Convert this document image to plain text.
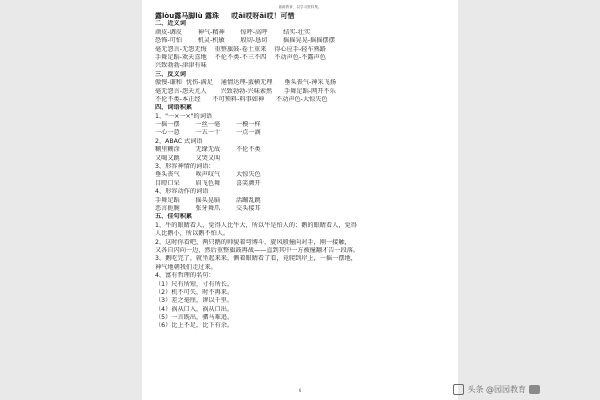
最新教育，以学习资料集。
露lòu露马脚lù 露珠     哎āi哎呀āi哎！可惜
二、近义词
顽皮-调皮        神气-精神        惊呼-高呼        结实-壮实
恐怖-可怕        机灵-机敏        殷切-恳切        摇摇晃晃-摇摇摆摆
毫无怨言-无怨无悔    重整旗鼓-卷土重来    得心应手-轻车熟路
手舞足蹈-欢天喜地    不伦不类-不三不四    不动声色-不露声色
兴致勃勃-津津有味
三、反义词
傲慢-谦和  忧伤-满足    通情达理-蛮横无理      垂头丧气-神采飞扬
毫无怨言-怨天尤人       兴致勃勃-兴味索然      手舞足蹈-网开不乐
不伦不类-本正经      不可预料-料事如神      不动声色-大惊失色
四、词语积累
1、"一×一×"的词语
一摇一摆        一丝一毫        一模一样
一心一意        一五一十        一点一滴
2、ABAC 式词语
糊里糊涂        无缘无故        不伦不类
又喝又跳        又哭又叫
3、形容神情的词语：
垂头丧气        唉声叹气        大惊失色
目瞪口呆        眉飞色舞        喜笑颜开
4、形容动作的词语
手舞足蹈        摇头晃脑        活蹦乱跳
恶言扼腕        张牙舞爪        交头接耳
五、佳句积累
1、牛的眼睛看人，觉得人比牛大，所以牛是怕人的；鹅的眼睛看人，觉得
人比鹅小，所以鹅不怕人。
2、这时你看吧，两只鹅的帅貌着弯博斗，旋风般撞向对手，刚一接触，
又各自闪向一边，然后重整旗鼓再战——直到其中一方被撞翻才告一段落。
3、鹅吃完了，就坐起来来，侧着眼睛看了看，竟爬到岸上，一摇一摆地，
神气地朝我们走过来。
4、富有哲理的名句：
（1）尺有所短，寸有所长。
（2）机不可失，时不再来。
（3）差之毫厘，谬以千里。
（4）祸从口入，祸从口出。
（5）一言既出，驷马难追。
（6）比上不足，比下有余。
6	头条 @园园教育
